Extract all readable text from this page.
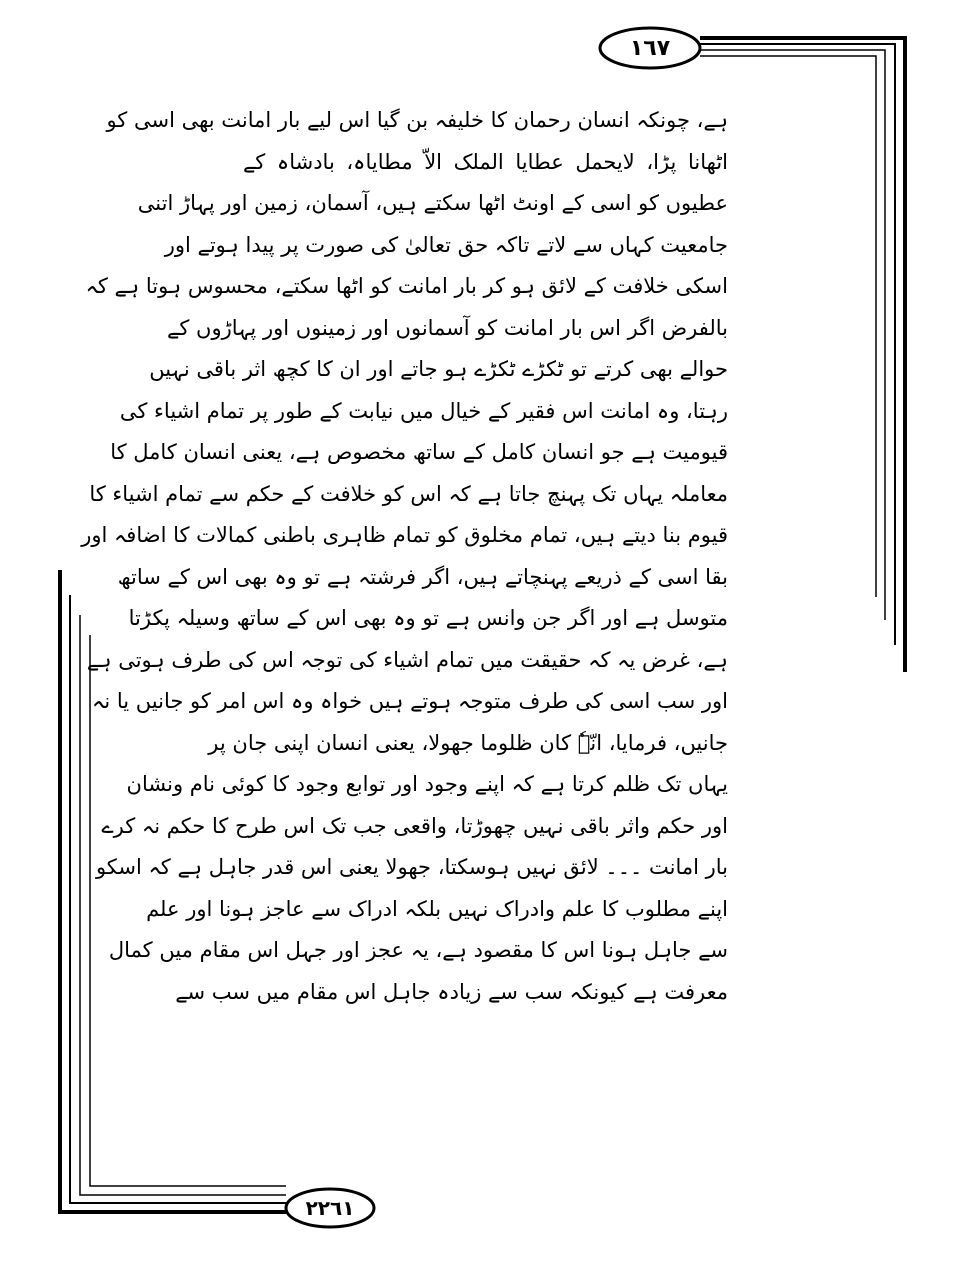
١٦٧
٢٢٦١
ہے، چونکہ انسان رحمان کا خلیفہ بن گیا اس لیے بار امانت بھی اسی کو
اٹھانا پڑا، لایحمل عطایا الملک الاّ مطایاہ، بادشاہ کے
عطیوں کو اسی کے اونٹ اٹھا سکتے ہیں، آسمان، زمین اور پہاڑ اتنی
جامعیت کہاں سے لاتے تاکہ حق تعالیٰ کی صورت پر پیدا ہوتے اور
اسکی خلافت کے لائق ہو کر بار امانت کو اٹھا سکتے، محسوس ہوتا ہے کہ
بالفرض اگر اس بار امانت کو آسمانوں اور زمینوں اور پہاڑوں کے
حوالے بھی کرتے تو ٹکڑے ٹکڑے ہو جاتے اور ان کا کچھ اثر باقی نہیں
رہتا، وہ امانت اس فقیر کے خیال میں نیابت کے طور پر تمام اشیاء کی
قیومیت ہے جو انسان کامل کے ساتھ مخصوص ہے، یعنی انسان کامل کا
معاملہ یہاں تک پہنچ جاتا ہے کہ اس کو خلافت کے حکم سے تمام اشیاء کا
قیوم بنا دیتے ہیں، تمام مخلوق کو تمام ظاہری باطنی کمالات کا اضافہ اور
بقا اسی کے ذریعے پہنچاتے ہیں، اگر فرشتہ ہے تو وہ بھی اس کے ساتھ
متوسل ہے اور اگر جن وانس ہے تو وہ بھی اس کے ساتھ وسیلہ پکڑتا
ہے، غرض یہ کہ حقیقت میں تمام اشیاء کی توجہ اس کی طرف ہوتی ہے
اور سب اسی کی طرف متوجہ ہوتے ہیں خواہ وہ اس امر کو جانیں یا نہ
جانیں، فرمایا، انّہٗ کان ظلوما جھولا، یعنی انسان اپنی جان پر
یہاں تک ظلم کرتا ہے کہ اپنے وجود اور توابع وجود کا کوئی نام ونشان
اور حکم واثر باقی نہیں چھوڑتا، واقعی جب تک اس طرح کا حکم نہ کرے
بار امانت ۔۔۔ لائق نہیں ہوسکتا، جھولا یعنی اس قدر جاہل ہے کہ اسکو
اپنے مطلوب کا علم وادراک نہیں بلکہ ادراک سے عاجز ہونا اور علم
سے جاہل ہونا اس کا مقصود ہے، یہ عجز اور جہل اس مقام میں کمال
معرفت ہے کیونکہ سب سے زیادہ جاہل اس مقام میں سب سے
